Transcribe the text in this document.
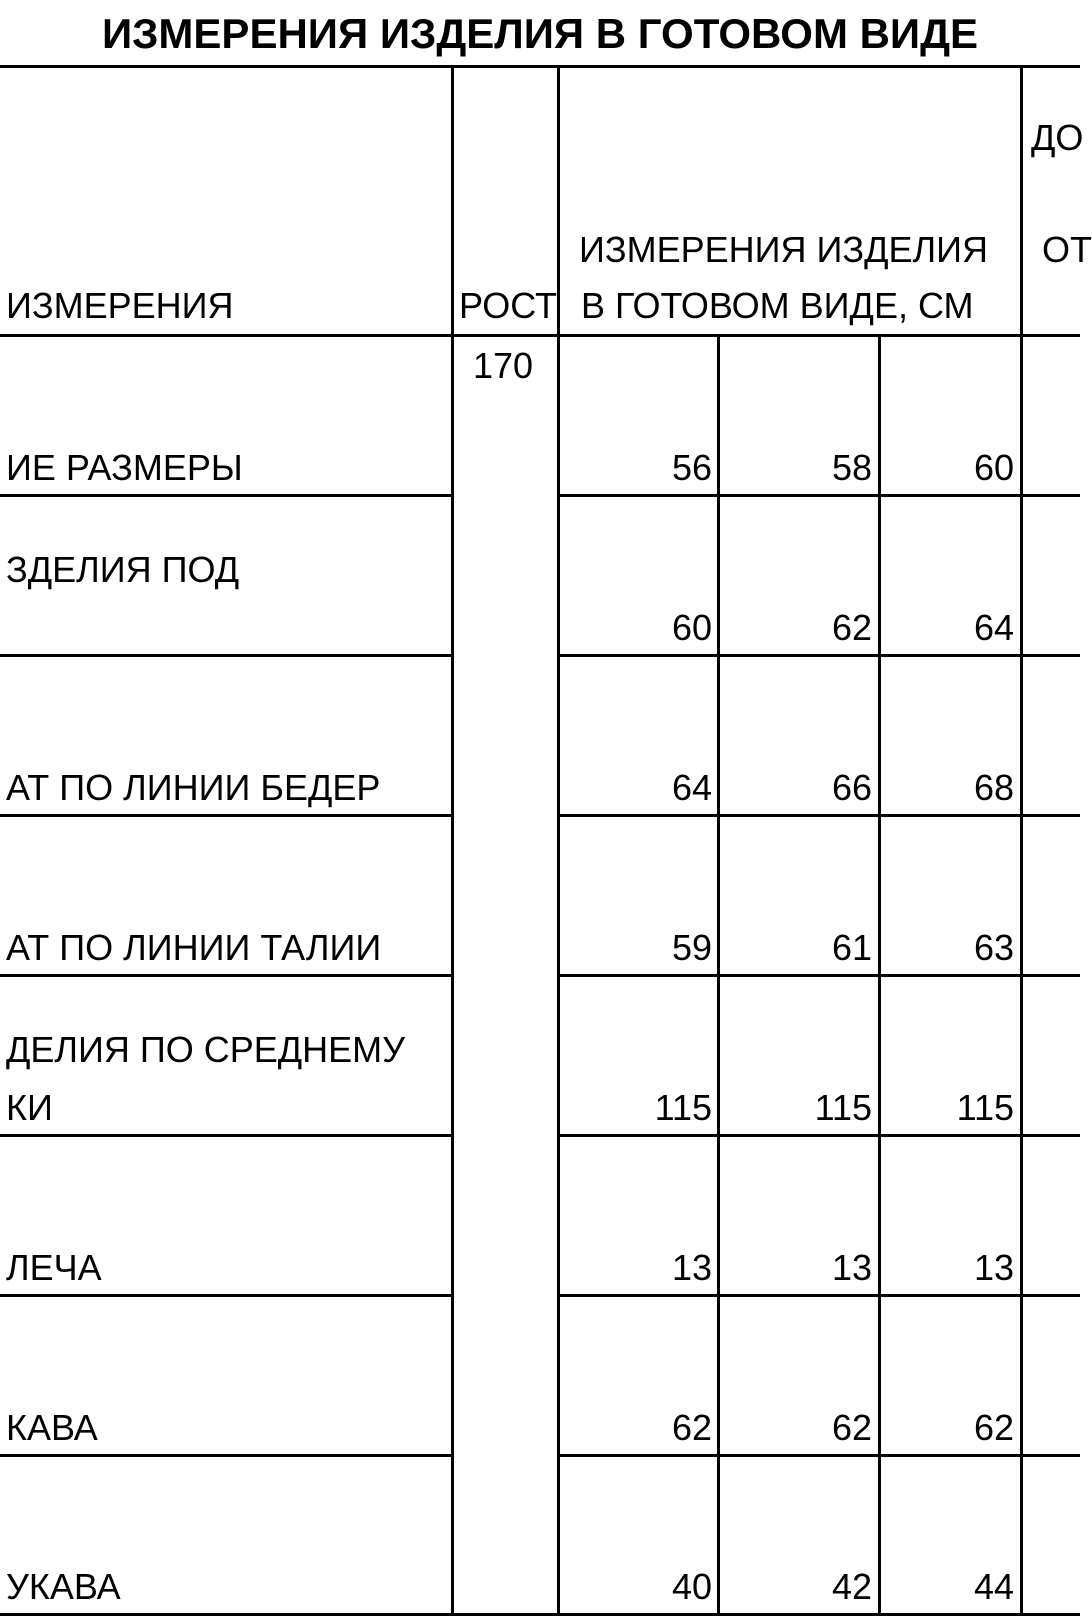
ИЗМЕРЕНИЯ ИЗДЕЛИЯ В ГОТОВОМ ВИДЕ
ИЗМЕРЕНИЯ	РОСТ
ИЗМЕРЕНИЯ ИЗДЕЛИЯ
В ГОТОВОМ ВИДЕ, СМ
ДО
ОТ
170
ИЕ РАЗМЕРЫ	56	58	60
ЗДЕЛИЯ ПОД
60	62	64
АТ ПО ЛИНИИ БЕДЕР	64	66	68
АТ ПО ЛИНИИ ТАЛИИ	59	61	63
ДЕЛИЯ ПО СРЕДНЕМУ
КИ	115	115	115
ЛЕЧА	13	13	13
КАВА	62	62	62
УКАВА	40	42	44
